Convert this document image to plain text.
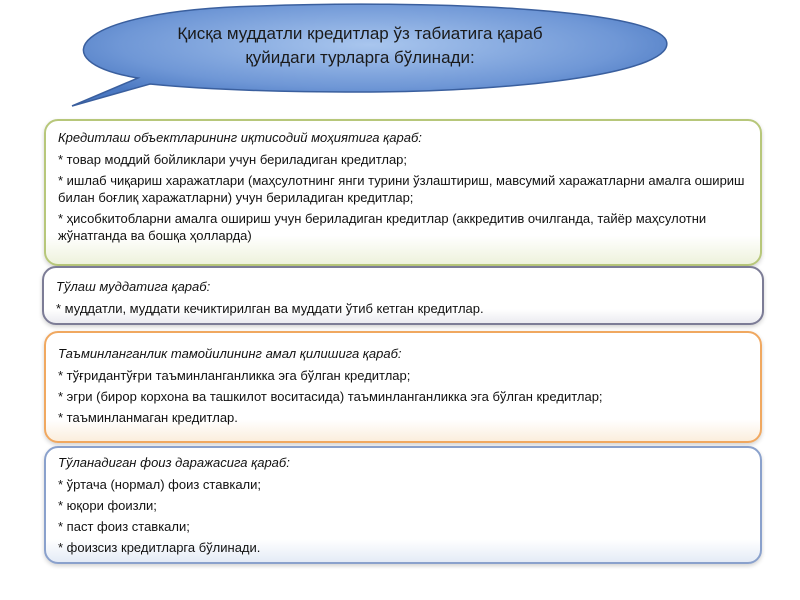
Қисқа муддатли кредитлар ўз табиатига қараб
қуйидаги турларга бўлинади:
Кредитлаш объектларининг иқтисодий моҳиятига қараб:
* товар моддий бойликлари учун бериладиган кредитлар;
* ишлаб чиқариш харажатлари (маҳсулотнинг янги турини ўзлаштириш, мавсумий харажатларни амалга ошириш билан боғлиқ харажатларни) учун бериладиган кредитлар;
* ҳисобкитобларни амалга ошириш учун бериладиган кредитлар (аккредитив очилганда, тайёр маҳсулотни жўнатганда ва бошқа ҳолларда)
Тўлаш муддатига қараб:
* муддатли, муддати кечиктирилган ва муддати ўтиб кетган кредитлар.
Таъминланганлик тамойилининг амал қилишига қараб:
* тўғридантўғри таъминланганликка эга бўлган кредитлар;
* эгри (бирор корхона ва ташкилот воситасида) таъминланганликка эга бўлган кредитлар;
* таъминланмаган кредитлар.
Тўланадиган фоиз даражасига қараб:
* ўртача (нормал) фоиз ставкали;
* юқори фоизли;
* паст фоиз ставкали;
* фоизсиз кредитларга бўлинади.
